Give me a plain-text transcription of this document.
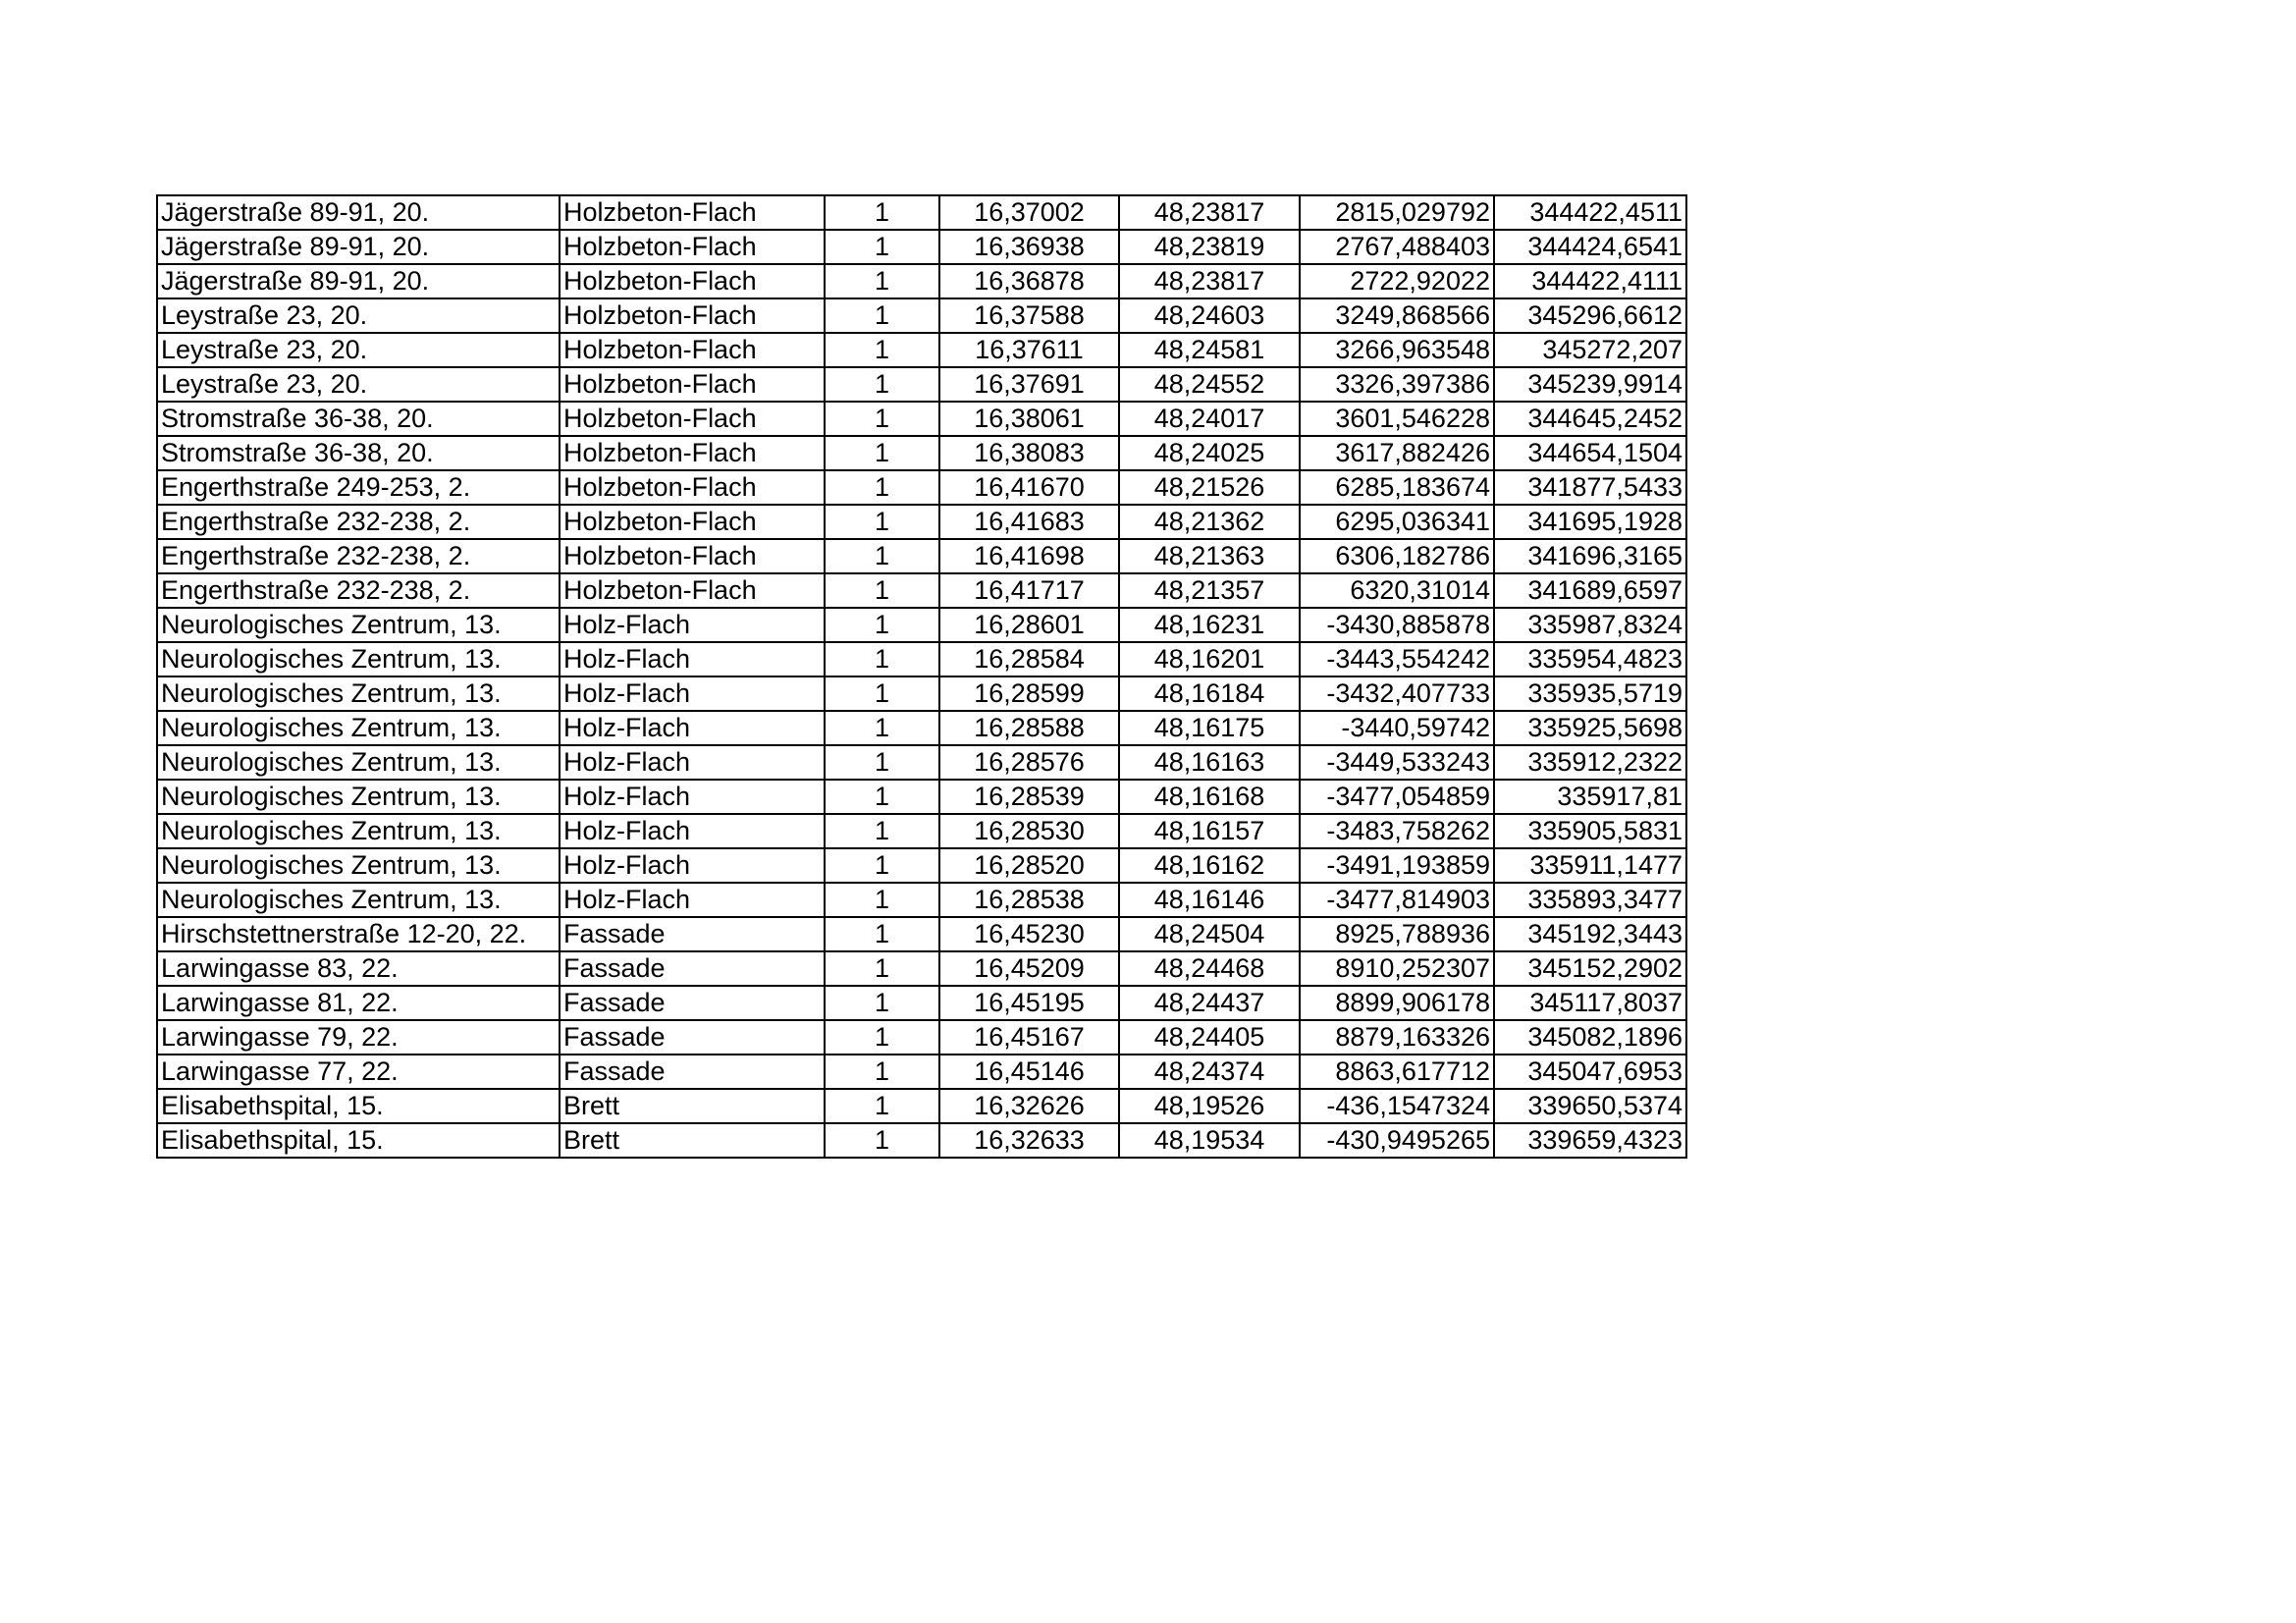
Jägerstraße 89-91, 20.	Holzbeton-Flach	1	16,37002	48,23817	2815,029792	344422,4511
Jägerstraße 89-91, 20.	Holzbeton-Flach	1	16,36938	48,23819	2767,488403	344424,6541
Jägerstraße 89-91, 20.	Holzbeton-Flach	1	16,36878	48,23817	2722,92022	344422,4111
Leystraße 23, 20.	Holzbeton-Flach	1	16,37588	48,24603	3249,868566	345296,6612
Leystraße 23, 20.	Holzbeton-Flach	1	16,37611	48,24581	3266,963548	345272,207
Leystraße 23, 20.	Holzbeton-Flach	1	16,37691	48,24552	3326,397386	345239,9914
Stromstraße 36-38, 20.	Holzbeton-Flach	1	16,38061	48,24017	3601,546228	344645,2452
Stromstraße 36-38, 20.	Holzbeton-Flach	1	16,38083	48,24025	3617,882426	344654,1504
Engerthstraße 249-253, 2.	Holzbeton-Flach	1	16,41670	48,21526	6285,183674	341877,5433
Engerthstraße 232-238, 2.	Holzbeton-Flach	1	16,41683	48,21362	6295,036341	341695,1928
Engerthstraße 232-238, 2.	Holzbeton-Flach	1	16,41698	48,21363	6306,182786	341696,3165
Engerthstraße 232-238, 2.	Holzbeton-Flach	1	16,41717	48,21357	6320,31014	341689,6597
Neurologisches Zentrum, 13.	Holz-Flach	1	16,28601	48,16231	-3430,885878	335987,8324
Neurologisches Zentrum, 13.	Holz-Flach	1	16,28584	48,16201	-3443,554242	335954,4823
Neurologisches Zentrum, 13.	Holz-Flach	1	16,28599	48,16184	-3432,407733	335935,5719
Neurologisches Zentrum, 13.	Holz-Flach	1	16,28588	48,16175	-3440,59742	335925,5698
Neurologisches Zentrum, 13.	Holz-Flach	1	16,28576	48,16163	-3449,533243	335912,2322
Neurologisches Zentrum, 13.	Holz-Flach	1	16,28539	48,16168	-3477,054859	335917,81
Neurologisches Zentrum, 13.	Holz-Flach	1	16,28530	48,16157	-3483,758262	335905,5831
Neurologisches Zentrum, 13.	Holz-Flach	1	16,28520	48,16162	-3491,193859	335911,1477
Neurologisches Zentrum, 13.	Holz-Flach	1	16,28538	48,16146	-3477,814903	335893,3477
Hirschstettnerstraße 12-20, 22.	Fassade	1	16,45230	48,24504	8925,788936	345192,3443
Larwingasse 83, 22.	Fassade	1	16,45209	48,24468	8910,252307	345152,2902
Larwingasse 81, 22.	Fassade	1	16,45195	48,24437	8899,906178	345117,8037
Larwingasse 79, 22.	Fassade	1	16,45167	48,24405	8879,163326	345082,1896
Larwingasse 77, 22.	Fassade	1	16,45146	48,24374	8863,617712	345047,6953
Elisabethspital, 15.	Brett	1	16,32626	48,19526	-436,1547324	339650,5374
Elisabethspital, 15.	Brett	1	16,32633	48,19534	-430,9495265	339659,4323
